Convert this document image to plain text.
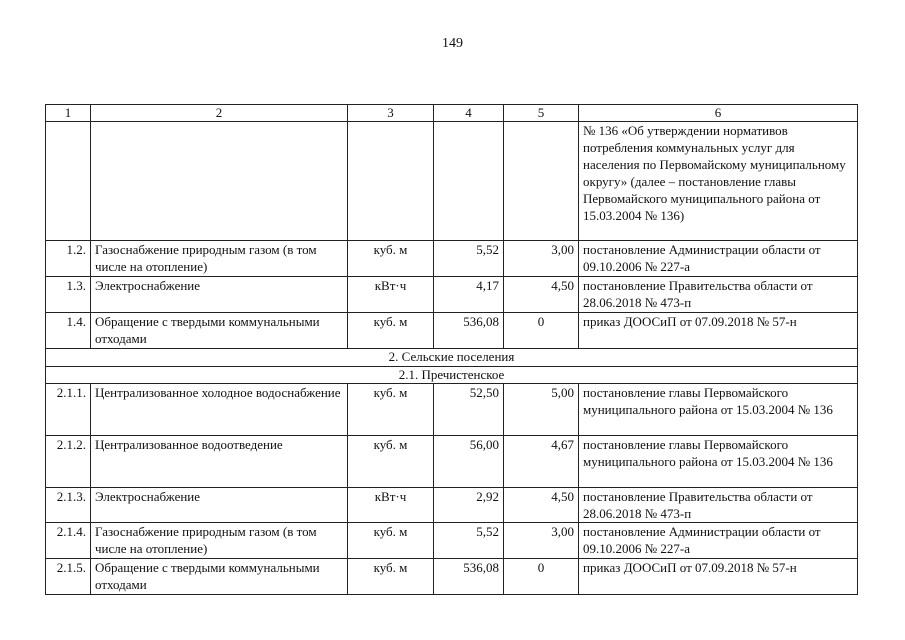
149
1	2	3	4	5	6
					№ 136 «Об утверждении нормативов потребления коммунальных услуг для населения по Первомайскому муниципальному округу» (далее – постановление главы Первомайского муниципального района от 15.03.2004 № 136)
1.2.	Газоснабжение природным газом (в том числе на отопление)	куб. м	5,52	3,00	постановление Администрации области от 09.10.2006 № 227-а
1.3.	Электроснабжение	кВт·ч	4,17	4,50	постановление Правительства области от 28.06.2018 № 473-п
1.4.	Обращение с твердыми коммунальными отходами	куб. м	536,08	0	приказ ДООСиП от 07.09.2018 № 57-н
2. Сельские поселения					
2.1. Пречистенское					
2.1.1.	Централизованное холодное водоснабжение	куб. м	52,50	5,00	постановление главы Первомайского муниципального района от 15.03.2004 № 136
2.1.2.	Централизованное водоотведение	куб. м	56,00	4,67	постановление главы Первомайского муниципального района от 15.03.2004 № 136
2.1.3.	Электроснабжение	кВт·ч	2,92	4,50	постановление Правительства области от 28.06.2018 № 473-п
2.1.4.	Газоснабжение природным газом (в том числе на отопление)	куб. м	5,52	3,00	постановление Администрации области от 09.10.2006 № 227-а
2.1.5.	Обращение с твердыми коммунальными отходами	куб. м	536,08	0	приказ ДООСиП от 07.09.2018 № 57-н
